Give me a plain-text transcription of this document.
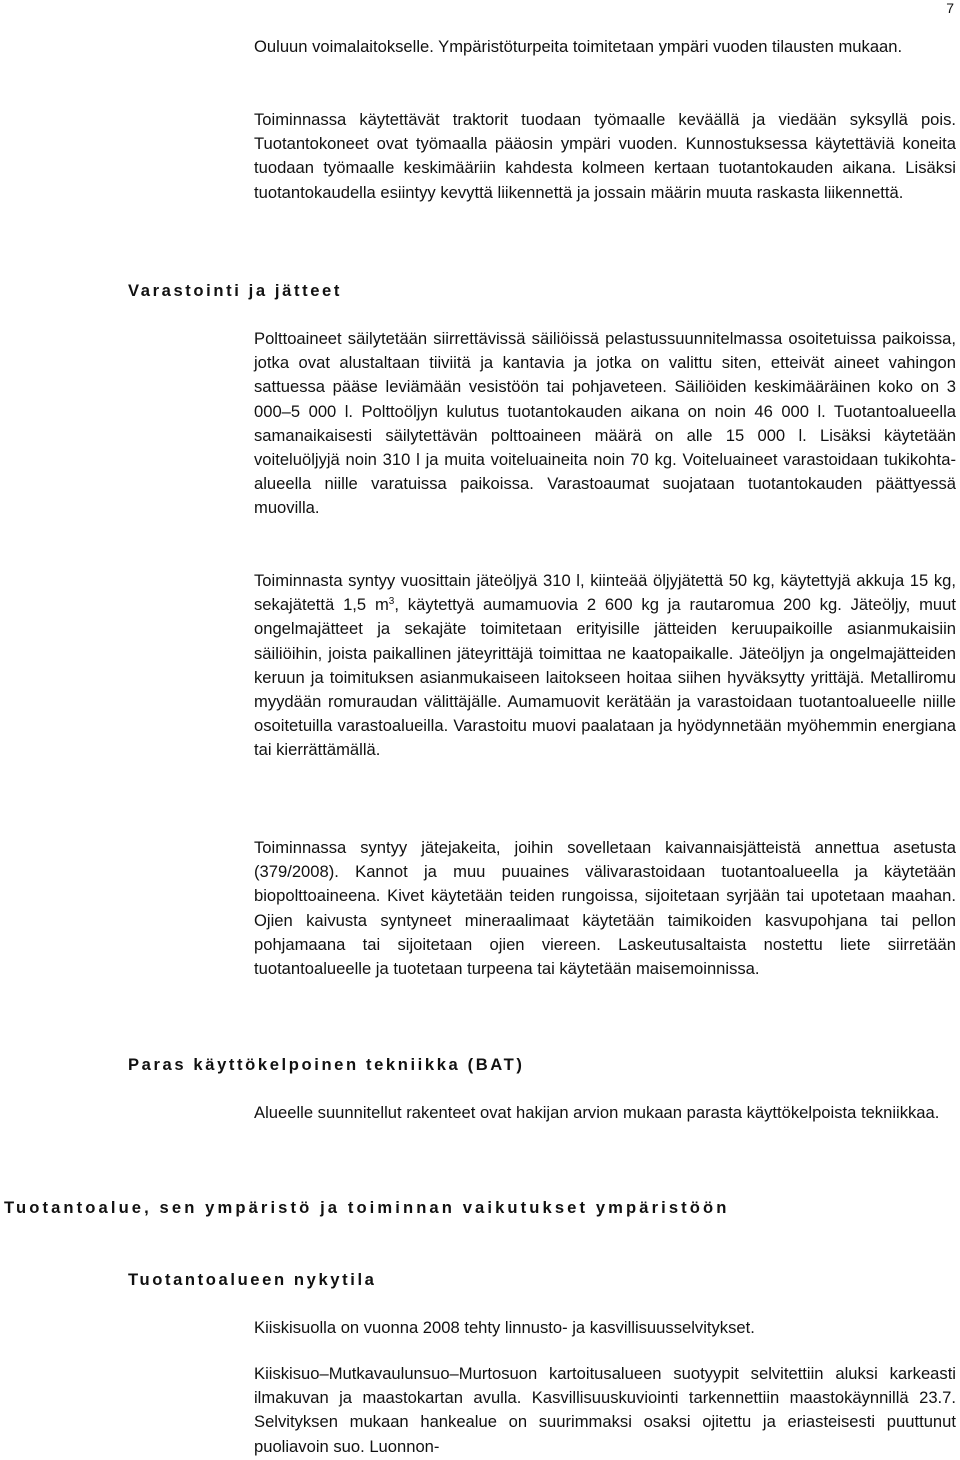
7

Ouluun voimalaitokselle. Ympäristöturpeita toimitetaan ympäri vuoden tilausten mukaan.

Toiminnassa käytettävät traktorit tuodaan työmaalle keväällä ja viedään syksyllä pois. Tuotantokoneet ovat työmaalla pääosin ympäri vuoden. Kunnostuksessa käytettäviä koneita tuodaan työmaalle keskimääriin kahdesta kolmeen kertaan tuotantokauden aikana. Lisäksi tuotantokaudella esiintyy kevyttä liikennettä ja jossain määrin muuta raskasta liikennettä.

Varastointi ja jätteet

Polttoaineet säilytetään siirrettävissä säiliöissä pelastussuunnitelmassa osoitetuissa paikoissa, jotka ovat alustaltaan tiiviitä ja kantavia ja jotka on valittu siten, etteivät aineet vahingon sattuessa pääse leviämään vesistöön tai pohjaveteen. Säiliöiden keskimääräinen koko on 3 000–5 000 l. Polttoöljyn kulutus tuotantokauden aikana on noin 46 000 l. Tuotantoalueella samanaikaisesti säilytettävän polttoaineen määrä on alle 15 000 l. Lisäksi käytetään voiteluöljyjä noin 310 l ja muita voiteluaineita noin 70 kg. Voiteluaineet varastoidaan tukikohta-alueella niille varatuissa paikoissa. Varastoaumat suojataan tuotantokauden päättyessä muovilla.

Toiminnasta syntyy vuosittain jäteöljyä 310 l, kiinteää öljyjätettä 50 kg, käytettyjä akkuja 15 kg, sekajätettä 1,5 $m^3$, käytettyä aumamuovia 2 600 kg ja rautaromua 200 kg. Jäteöljy, muut ongelmajätteet ja sekajäte toimitetaan erityisille jätteiden keruupaikoille asianmukaisiin säiliöihin, joista paikallinen jäteyrittäjä toimittaa ne kaatopaikalle. Jäteöljyn ja ongelmajätteiden keruun ja toimituksen asianmukaiseen laitokseen hoitaa siihen hyväksytty yrittäjä. Metalliromu myydään romuraudan välittäjälle. Aumamuovit kerätään ja varastoidaan tuotantoalueelle niille osoitetuilla varastoalueilla. Varastoitu muovi paalataan ja hyödynnetään myöhemmin energiana tai kierrättämällä.

Toiminnassa syntyy jätejakeita, joihin sovelletaan kaivannaisjätteistä annettua asetusta (379/2008). Kannot ja muu puuaines välivarastoidaan tuotantoalueella ja käytetään biopolttoaineena. Kivet käytetään teiden rungoissa, sijoitetaan syrjään tai upotetaan maahan. Ojien kaivusta syntyneet mineraalimaat käytetään taimikoiden kasvupohjana tai pellon pohjamaana tai sijoitetaan ojien viereen. Laskeutusaltaista nostettu liete siirretään tuotantoalueelle ja tuotetaan turpeena tai käytetään maisemoinnissa.

Paras käyttökelpoinen tekniikka (BAT)

Alueelle suunnitellut rakenteet ovat hakijan arvion mukaan parasta käyttökelpoista tekniikkaa.

Tuotantoalue, sen ympäristö ja toiminnan vaikutukset ympäristöön
Tuotantoalueen nykytila

Kiiskisuolla on vuonna 2008 tehty linnusto- ja kasvillisuusselvitykset.

Kiiskisuo–Mutkavaulunsuo–Murtosuon kartoitusalueen suotyypit selvitettiin aluksi karkeasti ilmakuvan ja maastokartan avulla. Kasvillisuuskuviointi tarkennettiin maastokäynnillä 23.7. Selvityksen mukaan hankealue on suurimmaksi osaksi ojitettu ja eriasteisesti puuttunut puoliavoin suo. Luonnon-
